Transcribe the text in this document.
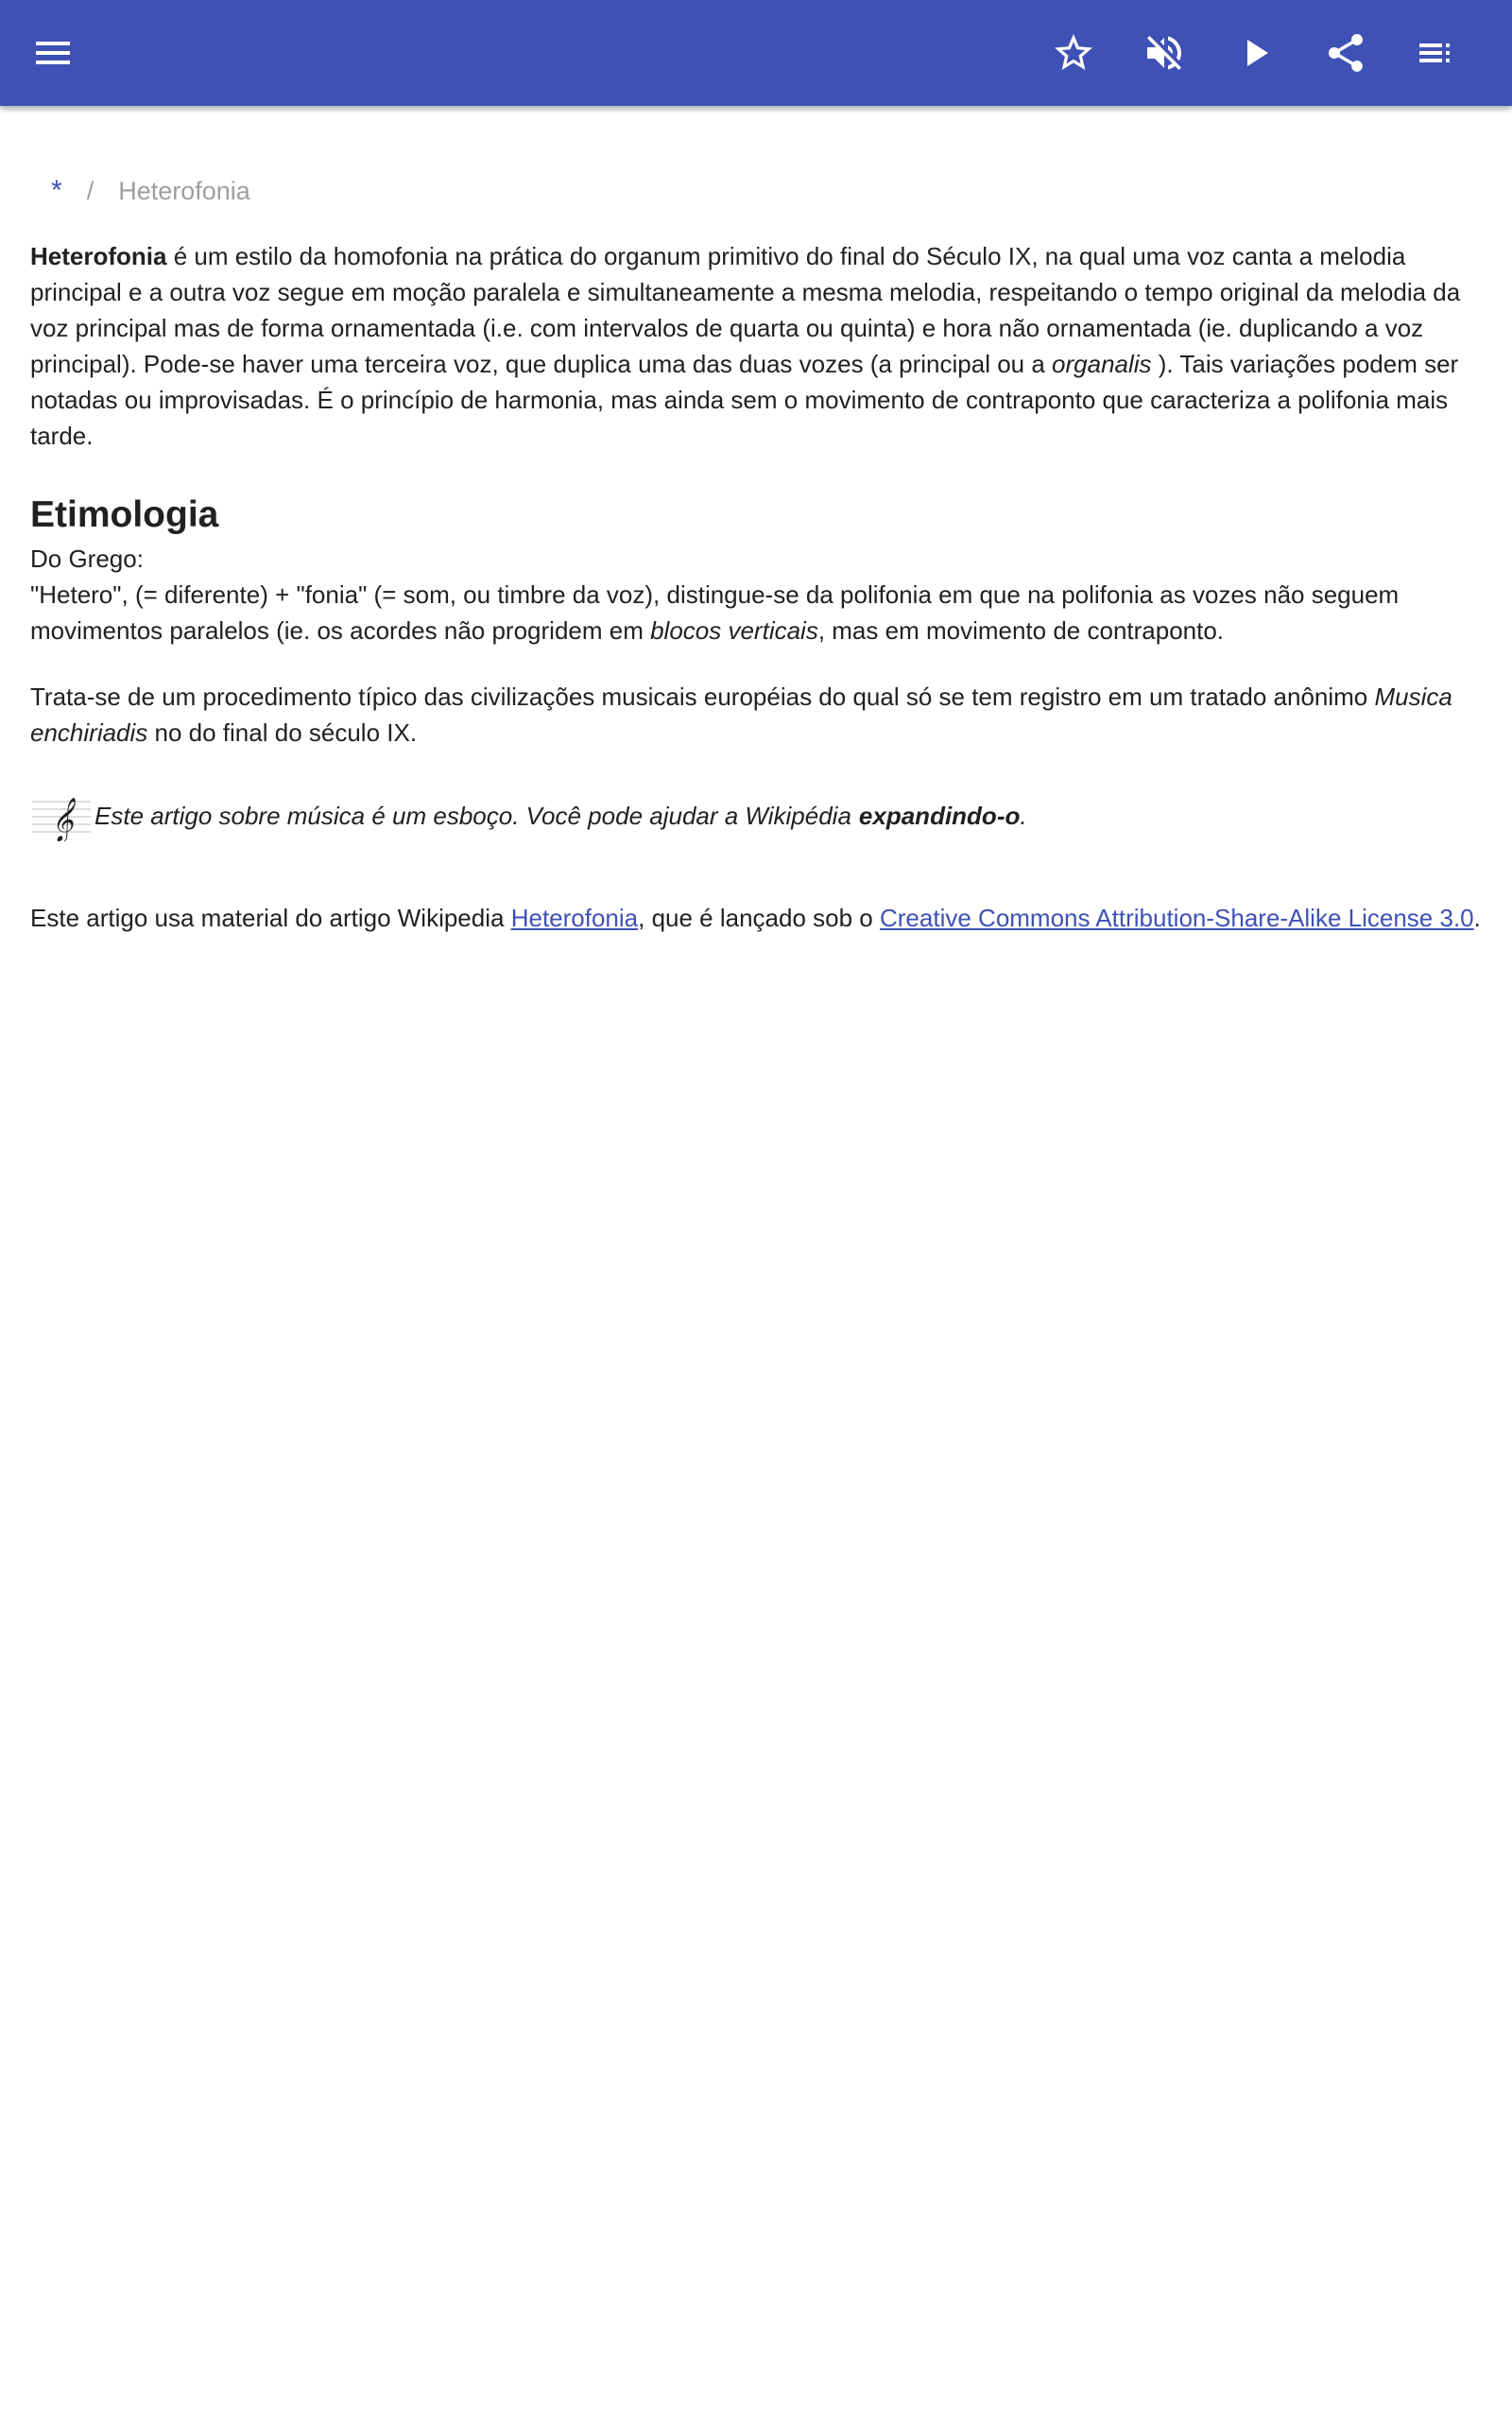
* / Heterofonia

Heterofonia é um estilo da homofonia na prática do organum primitivo do final do Século IX, na qual uma voz canta a melodia principal e a outra voz segue em moção paralela e simultaneamente a mesma melodia, respeitando o tempo original da melodia da voz principal mas de forma ornamentada (i.e. com intervalos de quarta ou quinta) e hora não ornamentada (ie. duplicando a voz principal). Pode-se haver uma terceira voz, que duplica uma das duas vozes (a principal ou a organalis ). Tais variações podem ser notadas ou improvisadas. É o princípio de harmonia, mas ainda sem o movimento de contraponto que caracteriza a polifonia mais tarde.

Etimologia

Do Grego:
"Hetero", (= diferente) + "fonia" (= som, ou timbre da voz), distingue-se da polifonia em que na polifonia as vozes não seguem movimentos paralelos (ie. os acordes não progridem em blocos verticais, mas em movimento de contraponto.

Trata-se de um procedimento típico das civilizações musicais européias do qual só se tem registro em um tratado anônimo Musica enchiriadis no do final do século IX.

𝄞 Este artigo sobre música é um esboço. Você pode ajudar a Wikipédia expandindo-o .

Este artigo usa material do artigo Wikipedia Heterofonia, que é lançado sob o Creative Commons Attribution-Share-Alike License 3.0.
